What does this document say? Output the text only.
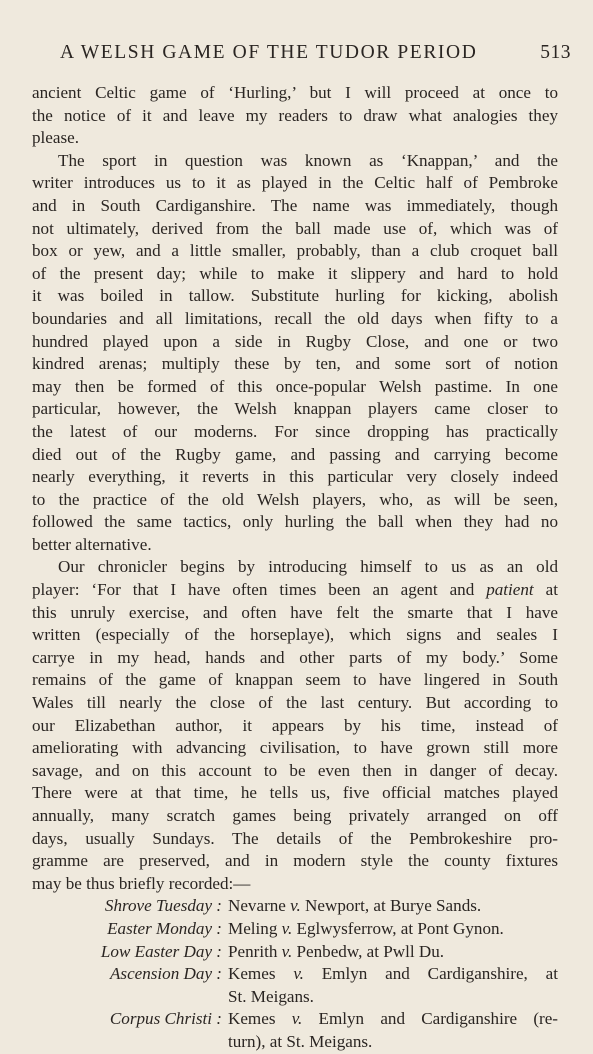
A WELSH GAME OF THE TUDOR PERIOD	513
ancient Celtic game of ‘Hurling,’ but I will proceed at once to
the notice of it and leave my readers to draw what analogies they
please.
The sport in question was known as ‘Knappan,’ and the
writer introduces us to it as played in the Celtic half of Pembroke
and in South Cardiganshire. The name was immediately, though
not ultimately, derived from the ball made use of, which was of
box or yew, and a little smaller, probably, than a club croquet ball
of the present day; while to make it slippery and hard to hold
it was boiled in tallow. Substitute hurling for kicking, abolish
boundaries and all limitations, recall the old days when fifty to a
hundred played upon a side in Rugby Close, and one or two
kindred arenas; multiply these by ten, and some sort of notion
may then be formed of this once-popular Welsh pastime. In one
particular, however, the Welsh knappan players came closer to
the latest of our moderns. For since dropping has practically
died out of the Rugby game, and passing and carrying become
nearly everything, it reverts in this particular very closely indeed
to the practice of the old Welsh players, who, as will be seen,
followed the same tactics, only hurling the ball when they had no
better alternative.
Our chronicler begins by introducing himself to us as an old
player: ‘For that I have often times been an agent and patient at
this unruly exercise, and often have felt the smarte that I have
written (especially of the horseplaye), which signs and seales I
carrye in my head, hands and other parts of my body.’ Some
remains of the game of knappan seem to have lingered in South
Wales till nearly the close of the last century. But according to
our Elizabethan author, it appears by his time, instead of
ameliorating with advancing civilisation, to have grown still more
savage, and on this account to be even then in danger of decay.
There were at that time, he tells us, five official matches played
annually, many scratch games being privately arranged on off
days, usually Sundays. The details of the Pembrokeshire pro-
gramme are preserved, and in modern style the county fixtures
may be thus briefly recorded:—
Shrove Tuesday : Nevarne v. Newport, at Burye Sands.
Easter Monday : Meling v. Eglwysferrow, at Pont Gynon.
Low Easter Day : Penrith v. Penbedw, at Pwll Du.
Ascension Day : Kemes v. Emlyn and Cardiganshire, at
St. Meigans.
Corpus Christi : Kemes v. Emlyn and Cardiganshire (re-
turn), at St. Meigans.
